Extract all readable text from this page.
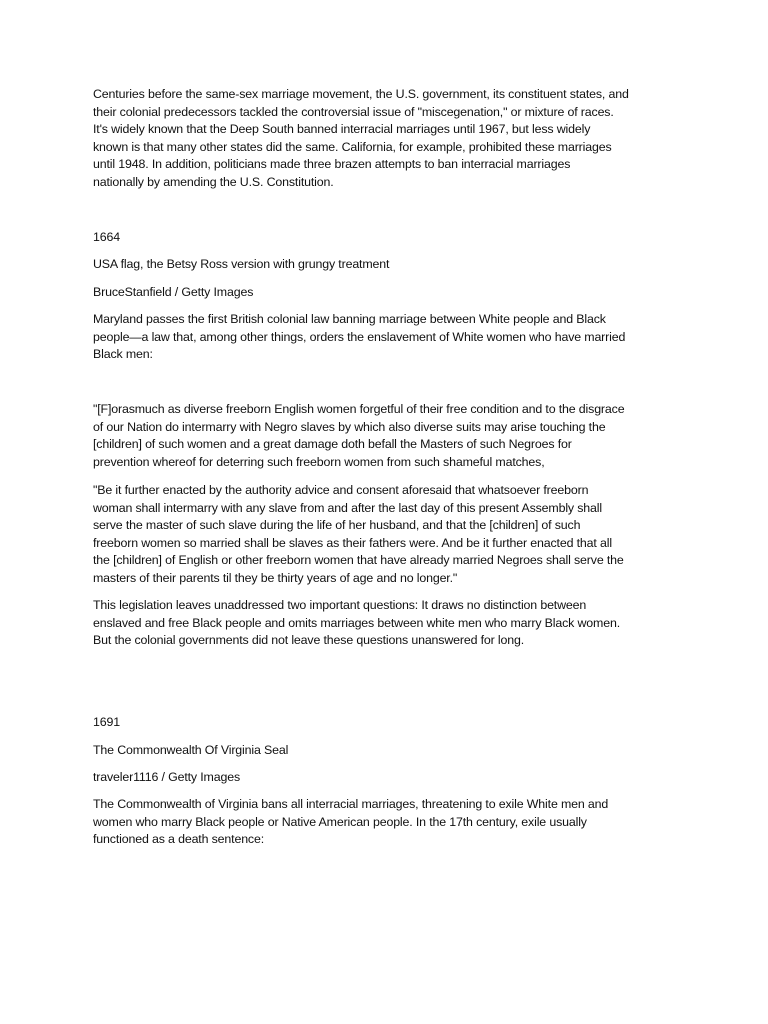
Centuries before the same-sex marriage movement, the U.S. government, its constituent states, and
their colonial predecessors tackled the controversial issue of "miscegenation," or mixture of races.
It's widely known that the Deep South banned interracial marriages until 1967, but less widely
known is that many other states did the same. California, for example, prohibited these marriages
until 1948. In addition, politicians made three brazen attempts to ban interracial marriages
nationally by amending the U.S. Constitution.

1664

USA flag, the Betsy Ross version with grungy treatment

BruceStanfield / Getty Images

Maryland passes the first British colonial law banning marriage between White people and Black
people—a law that, among other things, orders the enslavement of White women who have married
Black men:

"[F]orasmuch as diverse freeborn English women forgetful of their free condition and to the disgrace
of our Nation do intermarry with Negro slaves by which also diverse suits may arise touching the
[children] of such women and a great damage doth befall the Masters of such Negroes for
prevention whereof for deterring such freeborn women from such shameful matches,

"Be it further enacted by the authority advice and consent aforesaid that whatsoever freeborn
woman shall intermarry with any slave from and after the last day of this present Assembly shall
serve the master of such slave during the life of her husband, and that the [children] of such
freeborn women so married shall be slaves as their fathers were. And be it further enacted that all
the [children] of English or other freeborn women that have already married Negroes shall serve the
masters of their parents til they be thirty years of age and no longer."

This legislation leaves unaddressed two important questions: It draws no distinction between
enslaved and free Black people and omits marriages between white men who marry Black women.
But the colonial governments did not leave these questions unanswered for long.

1691

The Commonwealth Of Virginia Seal

traveler1116 / Getty Images

The Commonwealth of Virginia bans all interracial marriages, threatening to exile White men and
women who marry Black people or Native American people. In the 17th century, exile usually
functioned as a death sentence:
